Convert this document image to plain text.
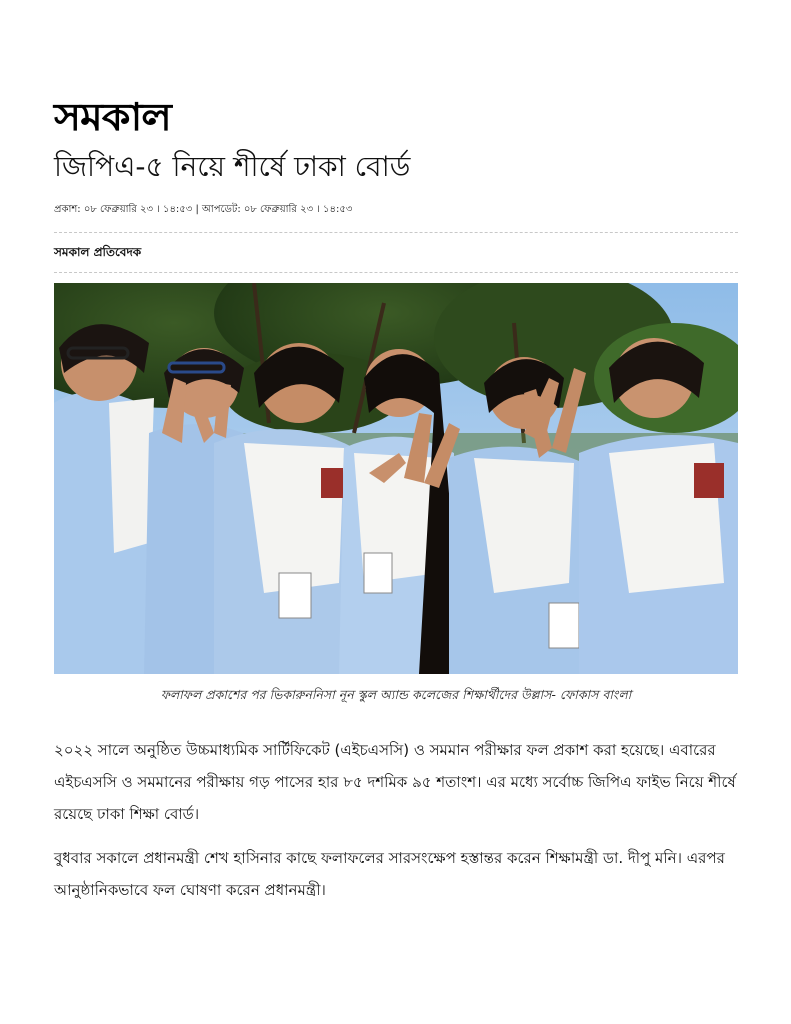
সমকাল
জিপিএ-৫ নিয়ে শীর্ষে ঢাকা বোর্ড
প্রকাশ: ০৮ ফেব্রুয়ারি ২৩ । ১৪:৫৩ | আপডেট: ০৮ ফেব্রুয়ারি ২৩ । ১৪:৫৩
সমকাল প্রতিবেদক
ফলাফল প্রকাশের পর ভিকারুননিসা নূন স্কুল অ্যান্ড কলেজের শিক্ষার্থীদের উল্লাস- ফোকাস বাংলা

২০২২ সালে অনুষ্ঠিত উচ্চমাধ্যমিক সার্টিফিকেট (এইচএসসি) ও সমমান পরীক্ষার ফল প্রকাশ করা হয়েছে। এবারের এইচএসসি ও সমমানের পরীক্ষায় গড় পাসের হার ৮৫ দশমিক ৯৫ শতাংশ। এর মধ্যে সর্বোচ্চ জিপিএ ফাইভ নিয়ে শীর্ষে রয়েছে ঢাকা শিক্ষা বোর্ড।

বুধবার সকালে প্রধানমন্ত্রী শেখ হাসিনার কাছে ফলাফলের সারসংক্ষেপ হস্তান্তর করেন শিক্ষামন্ত্রী ডা. দীপু মনি। এরপর আনুষ্ঠানিকভাবে ফল ঘোষণা করেন প্রধানমন্ত্রী।
